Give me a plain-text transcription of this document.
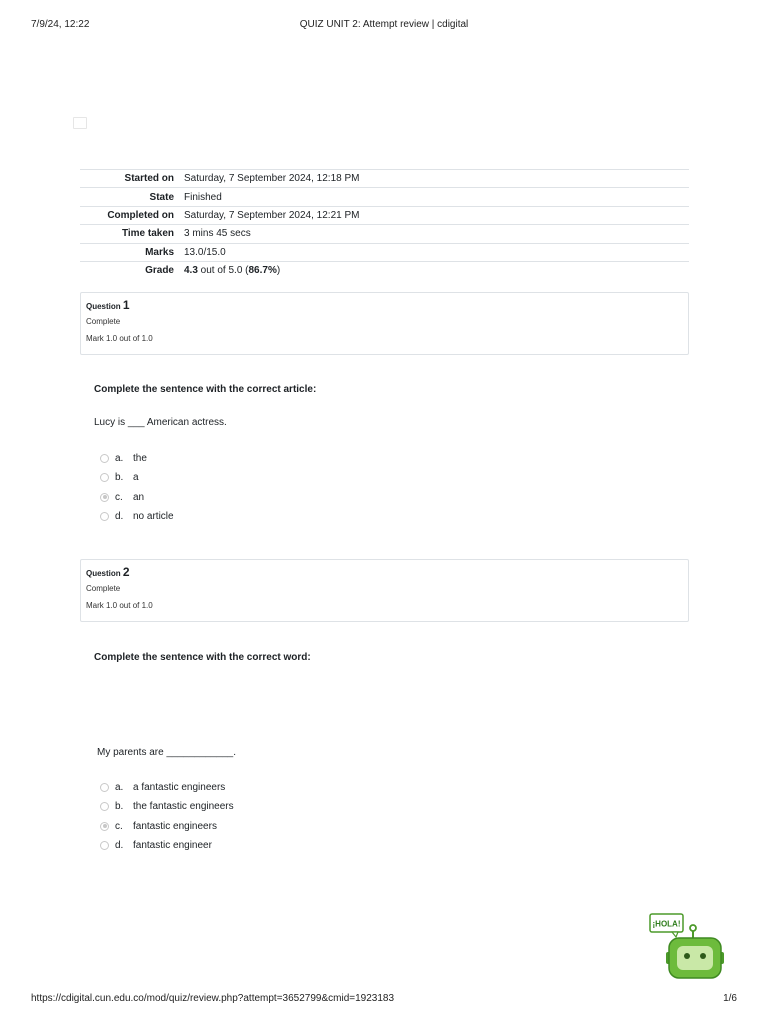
7/9/24, 12:22	QUIZ UNIT 2: Attempt review | cdigital
Started on	Saturday, 7 September 2024, 12:18 PM
State	Finished
Completed on	Saturday, 7 September 2024, 12:21 PM
Time taken	3 mins 45 secs
Marks	13.0/15.0
Grade	4.3 out of 5.0 (86.7%)
Question 1
Complete
Mark 1.0 out of 1.0
Complete the sentence with the correct article:
Lucy is ___ American actress.
a. the
b. a
c.	an
d. no article
Question 2
Complete
Mark 1.0 out of 1.0
Complete the sentence with the correct word:
My parents are ____________.
a. a fantastic engineers
b. the fantastic engineers
c.	fantastic engineers
d. fantastic engineer
¡HOLA!
https://cdigital.cun.edu.co/mod/quiz/review.php?attempt=3652799&cmid=1923183	1/6
